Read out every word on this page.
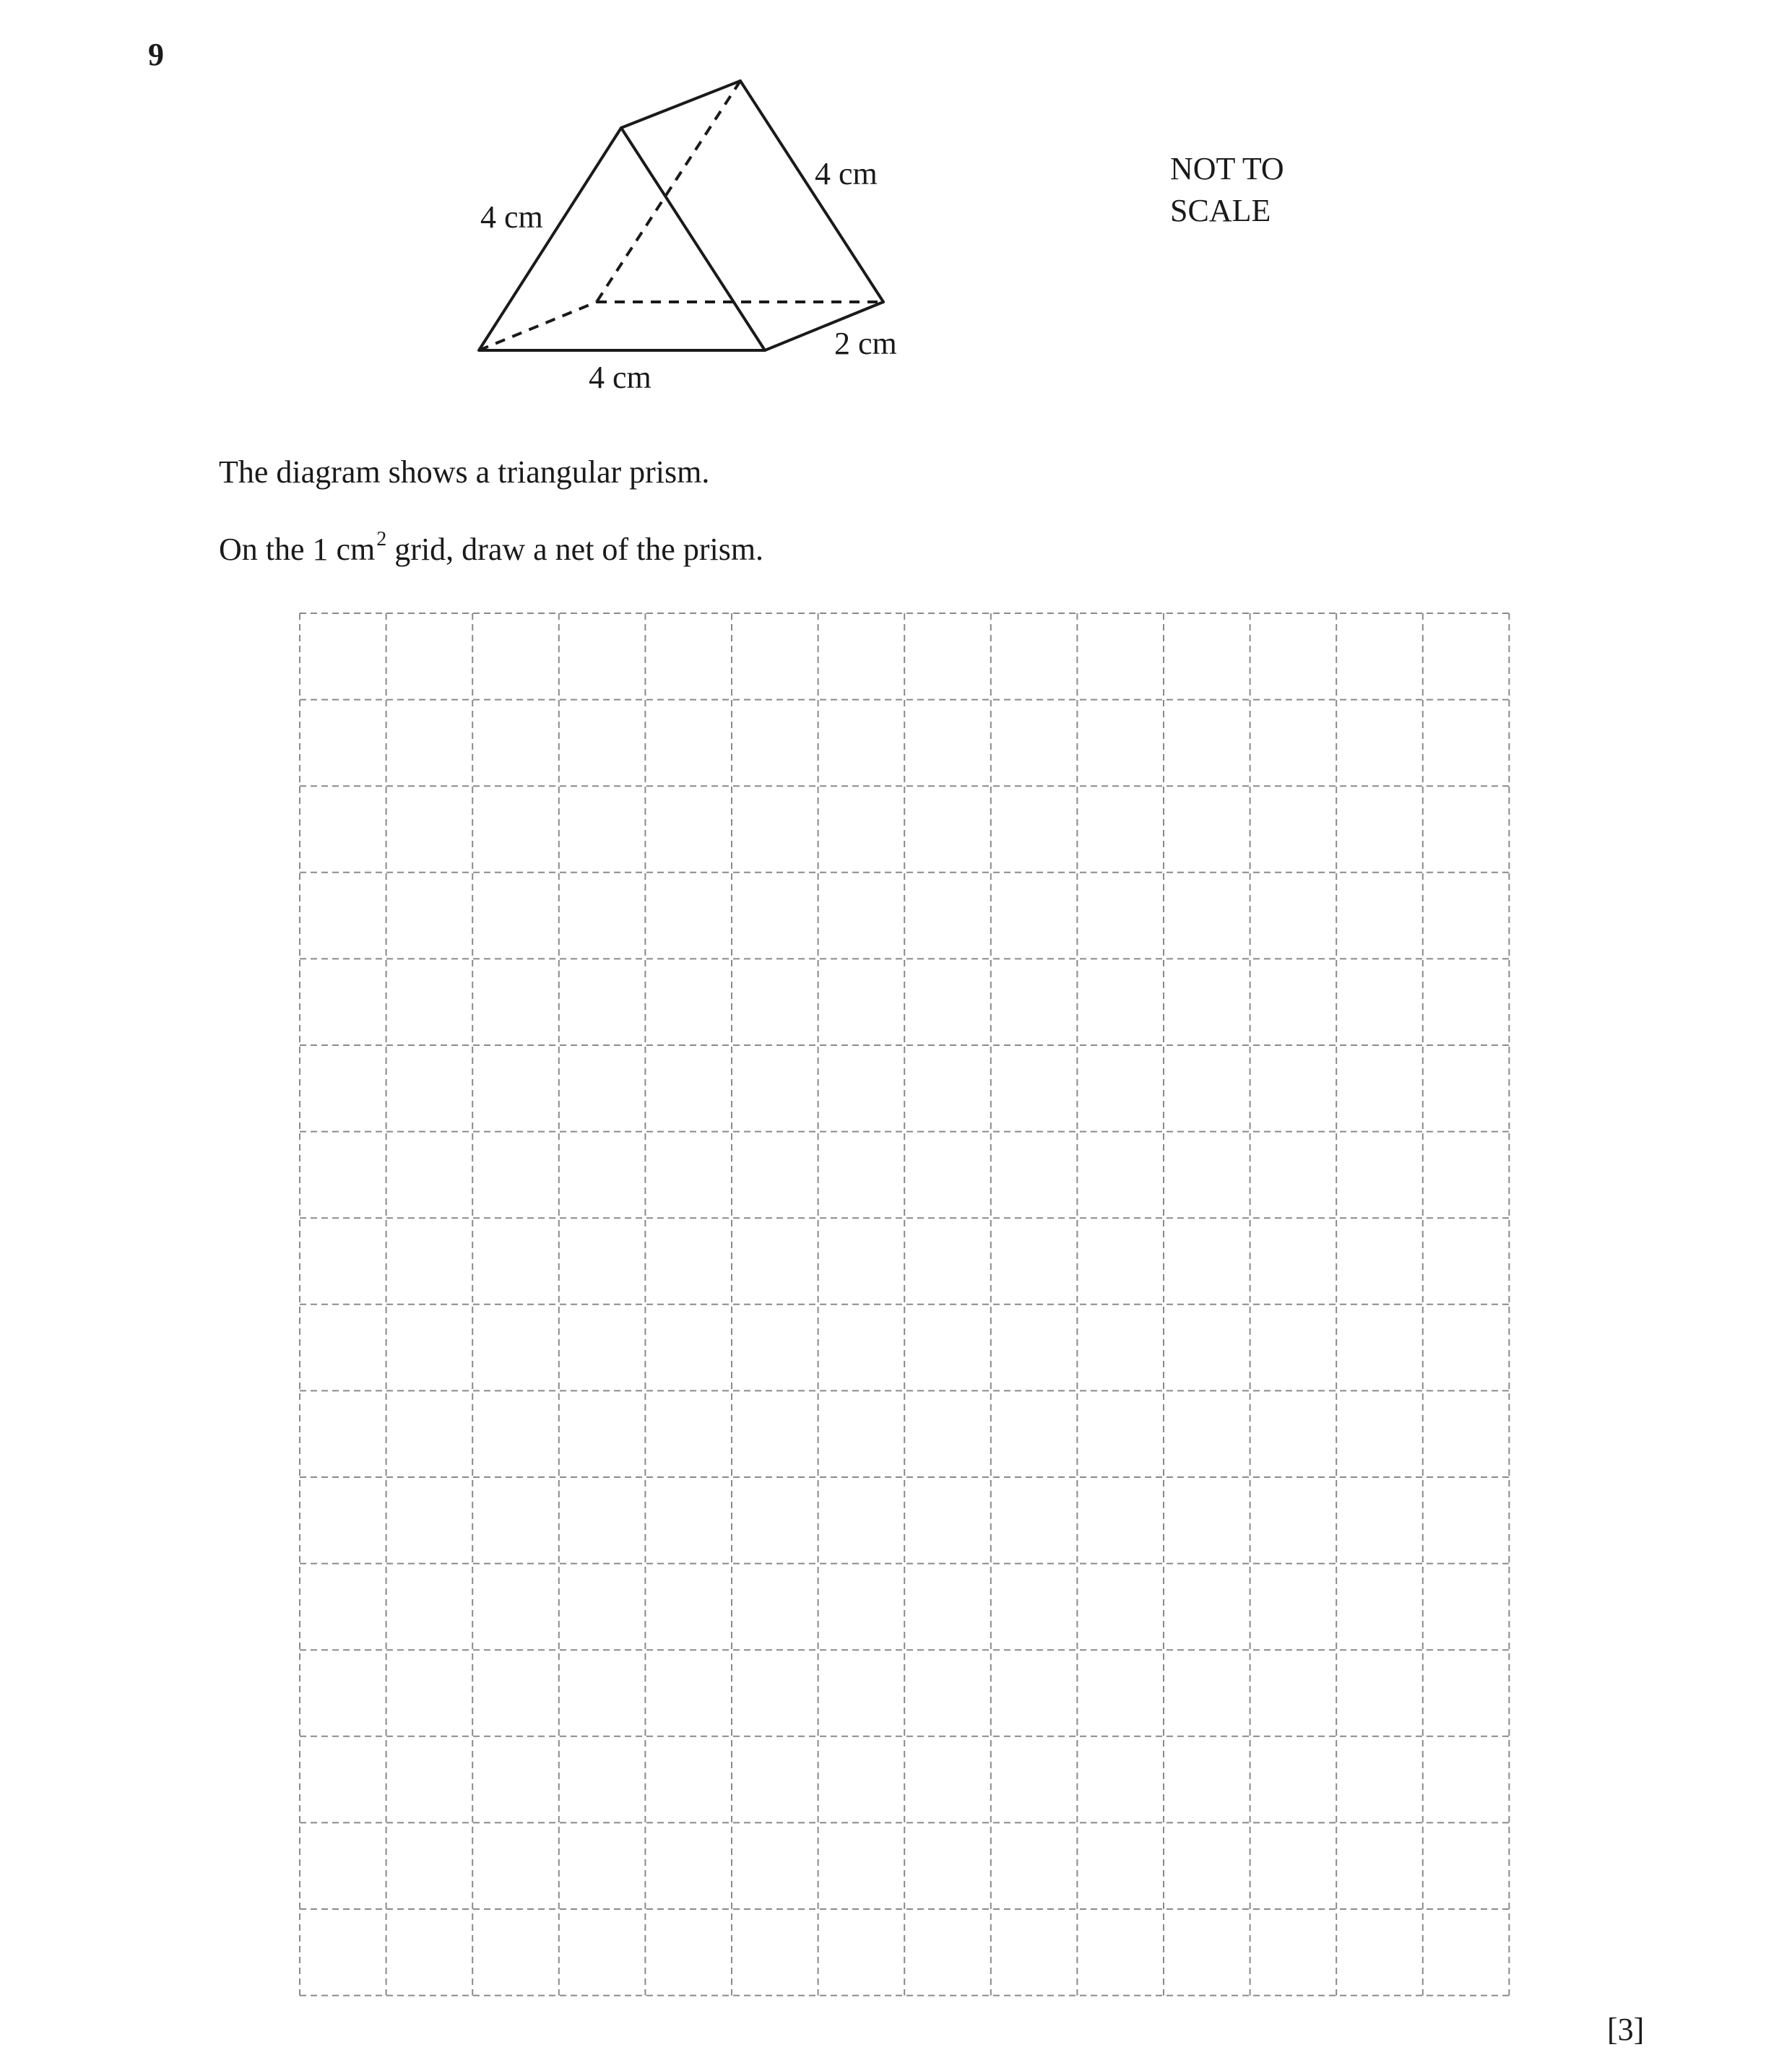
9
4 cm
4 cm
4 cm
2 cm
NOT TO
SCALE
The diagram shows a triangular prism.
On the 1 $cm^2$ grid, draw a net of the prism.
[3]
